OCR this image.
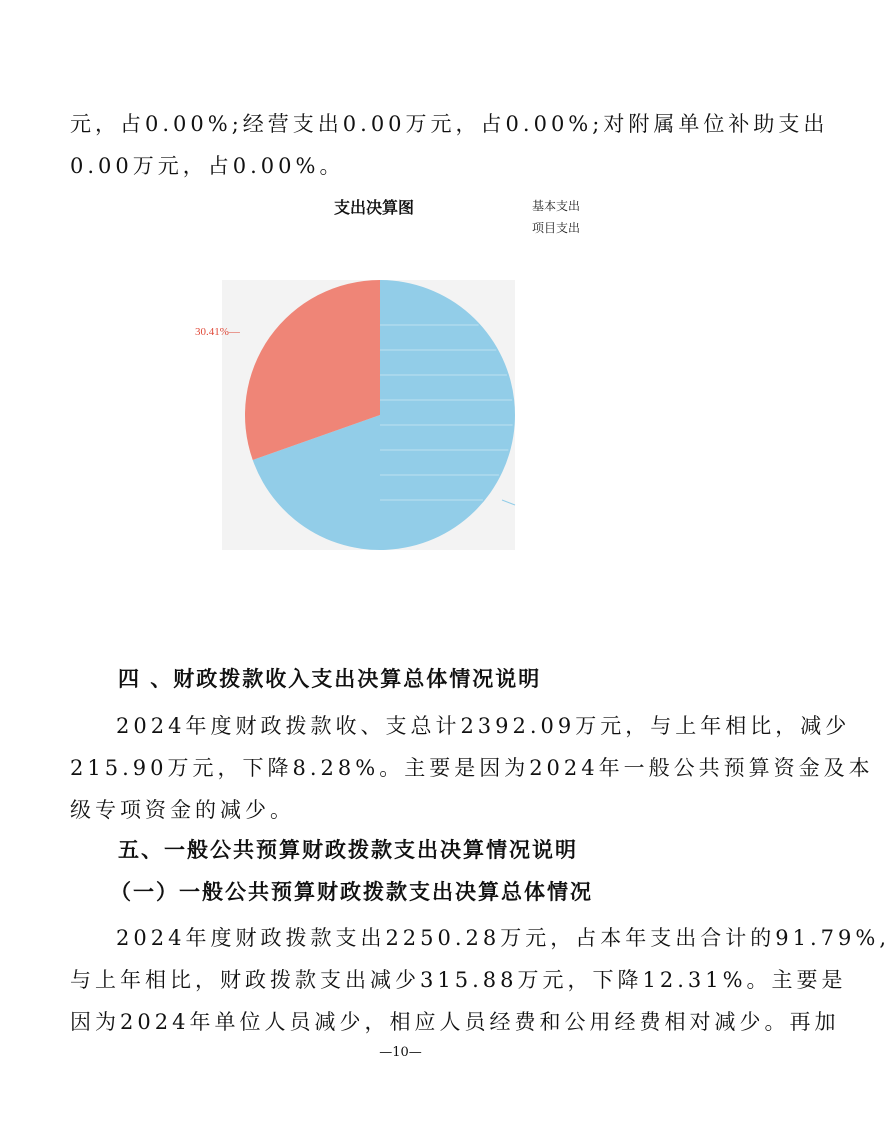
元，占0.00%;经营支出0.00万元，占0.00%;对附属单位补助支出
0.00万元，占0.00%。
支出决算图	基本支出
项目支出
30.41%—
四 、财政拨款收入支出决算总体情况说明
2024年度财政拨款收、支总计2392.09万元，与上年相比，减少
215.90万元，下降8.28%。主要是因为2024年一般公共预算资金及本
级专项资金的减少。
五、一般公共预算财政拨款支出决算情况说明
（一）一般公共预算财政拨款支出决算总体情况
2024年度财政拨款支出2250.28万元，占本年支出合计的91.79%,
与上年相比，财政拨款支出减少315.88万元，下降12.31%。主要是
因为2024年单位人员减少，相应人员经费和公用经费相对减少。再加
—10—
